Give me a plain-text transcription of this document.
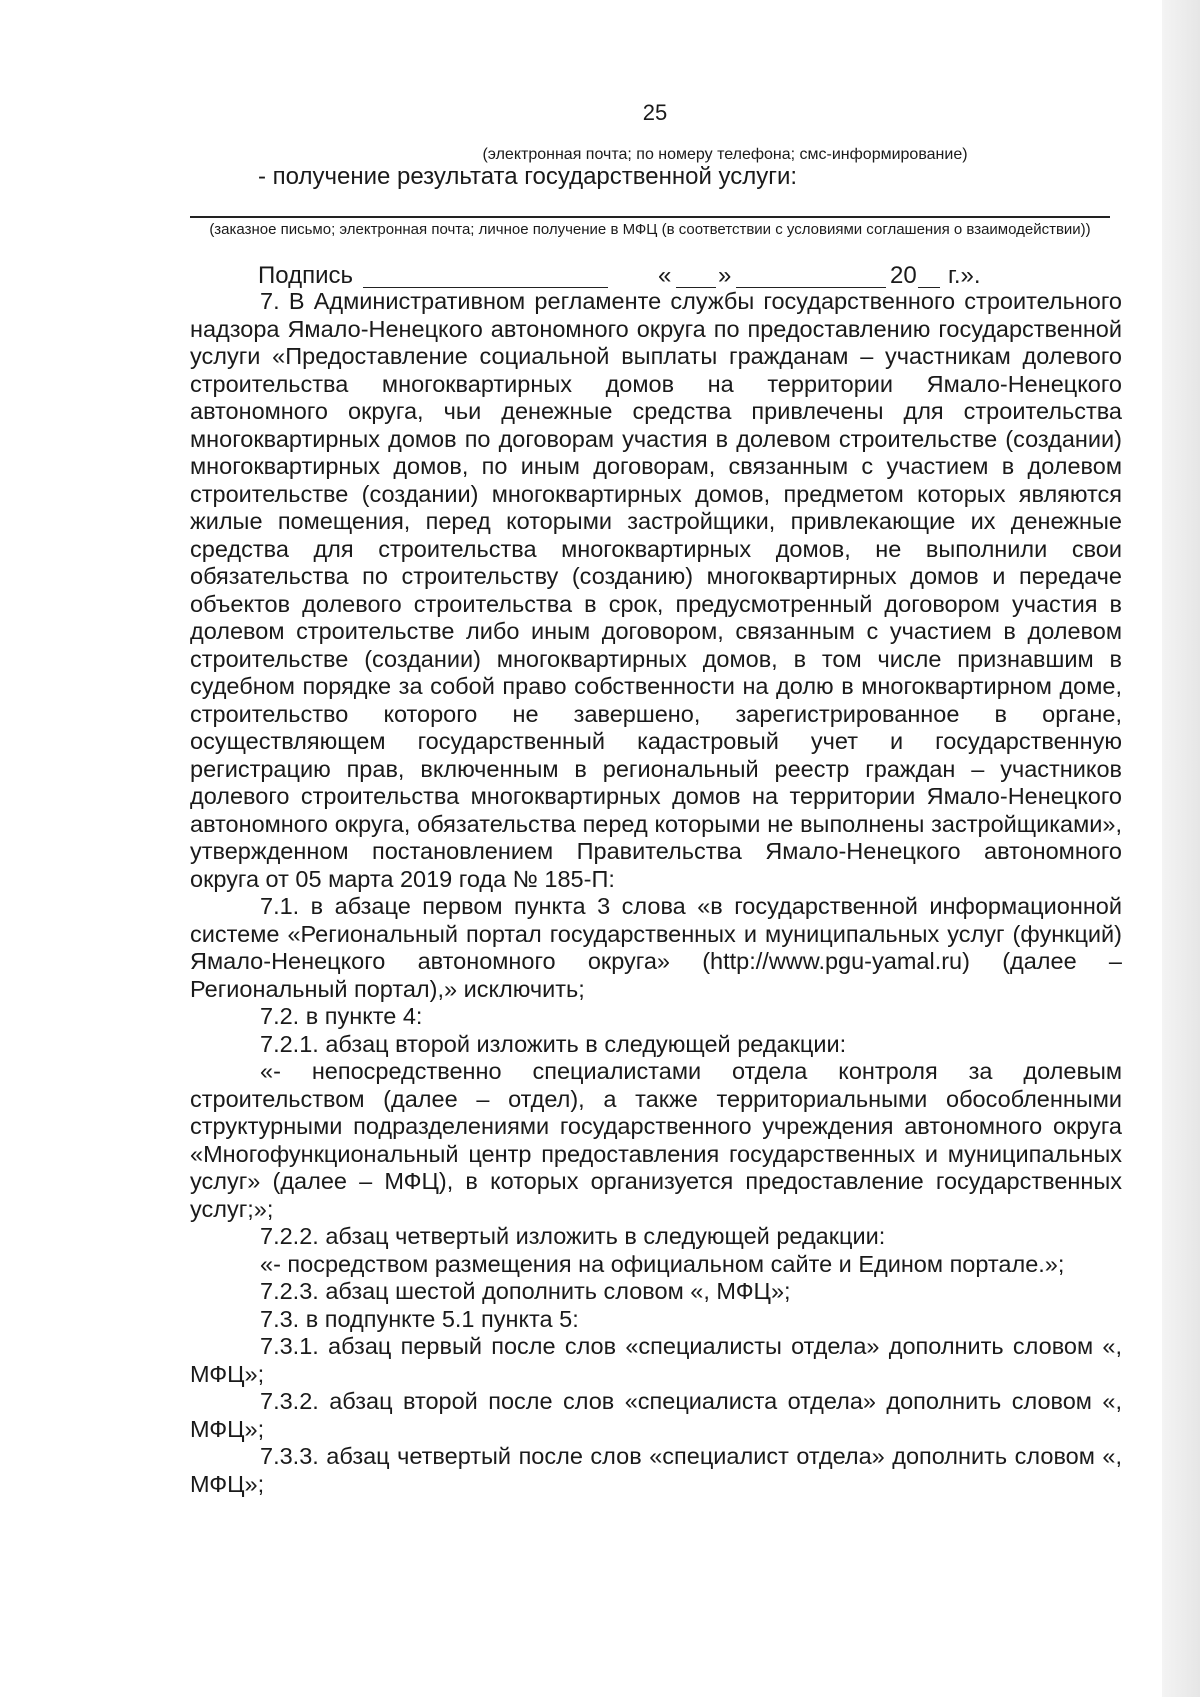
25
(электронная почта; по номеру телефона; смс-информирование)
- получение результата государственной услуги:
(заказное письмо; электронная почта; личное получение в МФЦ (в соответствии с условиями соглашения о взаимодействии))
Подпись	« »	20 г.».

7. В Административном регламенте службы государственного строительного надзора Ямало-Ненецкого автономного округа по предоставлению государственной услуги «Предоставление социальной выплаты гражданам – участникам долевого строительства многоквартирных домов на территории Ямало-Ненецкого автономного округа, чьи денежные средства привлечены для строительства многоквартирных домов по договорам участия в долевом строительстве (создании) многоквартирных домов, по иным договорам, связанным с участием в долевом строительстве (создании) многоквартирных домов, предметом которых являются жилые помещения, перед которыми застройщики, привлекающие их денежные средства для строительства многоквартирных домов, не выполнили свои обязательства по строительству (созданию) многоквартирных домов и передаче объектов долевого строительства в срок, предусмотренный договором участия в долевом строительстве либо иным договором, связанным с участием в долевом строительстве (создании) многоквартирных домов, в том числе признавшим в судебном порядке за собой право собственности на долю в многоквартирном доме, строительство которого не завершено, зарегистрированное в органе, осуществляющем государственный кадастровый учет и государственную регистрацию прав, включенным в региональный реестр граждан – участников долевого строительства многоквартирных домов на территории Ямало-Ненецкого автономного округа, обязательства перед которыми не выполнены застройщиками», утвержденном постановлением Правительства Ямало-Ненецкого автономного округа от 05 марта 2019 года № 185-П:

7.1. в абзаце первом пункта 3 слова «в государственной информационной системе «Региональный портал государственных и муниципальных услуг (функций) Ямало-Ненецкого автономного округа» (http://www.pgu-yamal.ru) (далее – Региональный портал),» исключить;

7.2. в пункте 4:

7.2.1. абзац второй изложить в следующей редакции:

«- непосредственно специалистами отдела контроля за долевым строительством (далее – отдел), а также территориальными обособленными структурными подразделениями государственного учреждения автономного округа «Многофункциональный центр предоставления государственных и муниципальных услуг» (далее – МФЦ), в которых организуется предоставление государственных услуг;»;

7.2.2. абзац четвертый изложить в следующей редакции:

«- посредством размещения на официальном сайте и Едином портале.»;

7.2.3. абзац шестой дополнить словом «, МФЦ»;

7.3. в подпункте 5.1 пункта 5:

7.3.1. абзац первый после слов «специалисты отдела» дополнить словом «, МФЦ»;

7.3.2. абзац второй после слов «специалиста отдела» дополнить словом «, МФЦ»;

7.3.3. абзац четвертый после слов «специалист отдела» дополнить словом «, МФЦ»;
